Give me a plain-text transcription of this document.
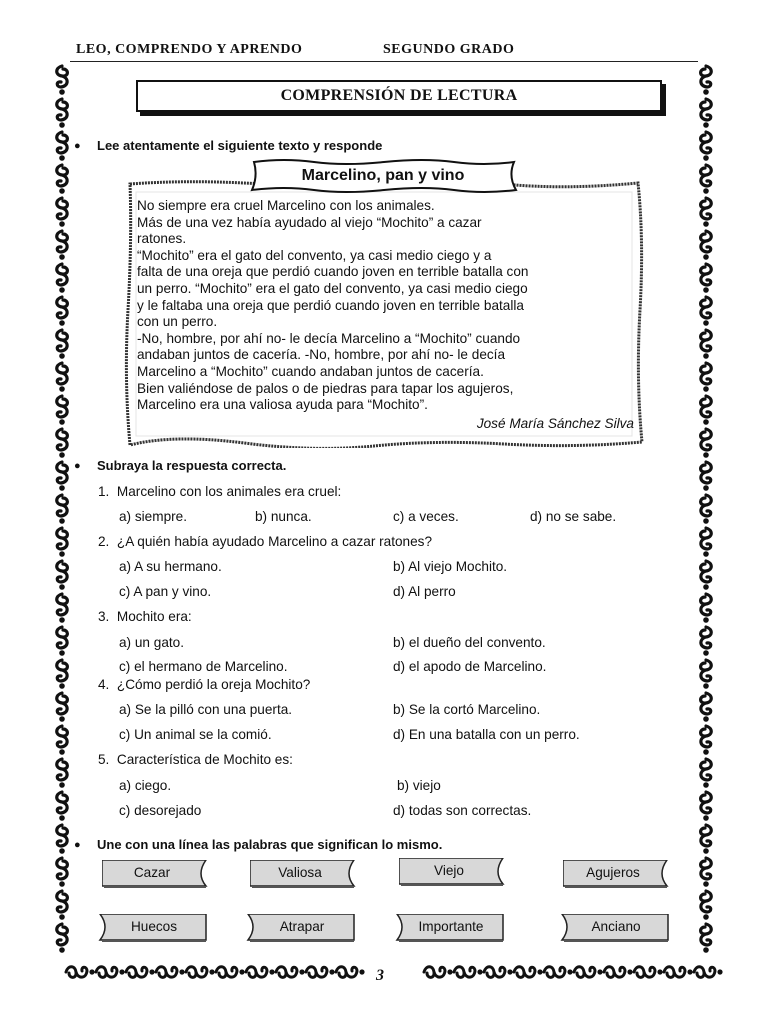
LEO, COMPRENDO Y APRENDO	SEGUNDO GRADO
COMPRENSIÓN DE LECTURA
● Lee atentamente el siguiente texto y responde
Marcelino, pan y vino
No siempre era cruel Marcelino con los animales.
Más de una vez había ayudado al viejo “Mochito” a cazar
ratones.
“Mochito” era el gato del convento, ya casi medio ciego y a
falta de una oreja que perdió cuando joven en terrible batalla con
un perro. “Mochito” era el gato del convento, ya casi medio ciego
y le faltaba una oreja que perdió cuando joven en terrible batalla
con un perro.
-No, hombre, por ahí no- le decía Marcelino a “Mochito” cuando
andaban juntos de cacería. -No, hombre, por ahí no- le decía
Marcelino a “Mochito” cuando andaban juntos de cacería.
Bien valiéndose de palos o de piedras para tapar los agujeros,
Marcelino era una valiosa ayuda para “Mochito”.
José María Sánchez Silva
● Subraya la respuesta correcta.
1. Marcelino con los animales era cruel:
a) siempre.	b) nunca.	c) a veces.	d) no se sabe.
2. ¿A quién había ayudado Marcelino a cazar ratones?
a) A su hermano.	b) Al viejo Mochito.
c) A pan y vino.	d) Al perro
3. Mochito era:
a) un gato.	b) el dueño del convento.
c) el hermano de Marcelino.	d) el apodo de Marcelino.
4. ¿Cómo perdió la oreja Mochito?
a) Se la pilló con una puerta.	b) Se la cortó Marcelino.
c) Un animal se la comió.	d) En una batalla con un perro.
5. Característica de Mochito es:
a) ciego.	b) viejo
c) desorejado	d) todas son correctas.
● Une con una línea las palabras que significan lo mismo.
Cazar	Valiosa	Viejo	Agujeros
Huecos	Atrapar	Importante	Anciano
3
